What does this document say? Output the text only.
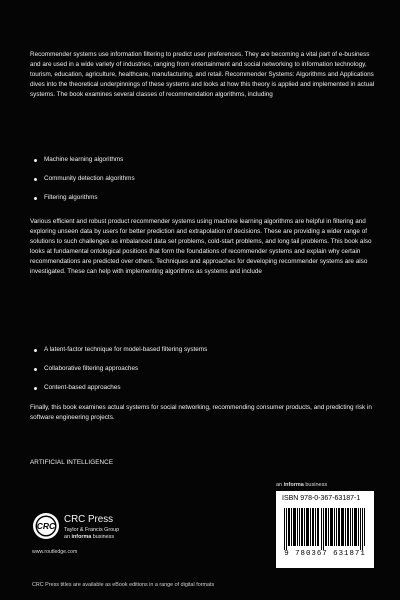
Recommender systems use information filtering to predict user preferences. They are becoming a vital part of e-business and are used in a wide variety of industries, ranging from entertainment and social networking to information technology, tourism, education, agriculture, healthcare, manufacturing, and retail. Recommender Systems: Algorithms and Applications dives into the theoretical underpinnings of these systems and looks at how this theory is applied and implemented in actual systems. The book examines several classes of recommendation algorithms, including

Machine learning algorithms
Community detection algorithms
Filtering algorithms

Various efficient and robust product recommender systems using machine learning algorithms are helpful in filtering and exploring unseen data by users for better prediction and extrapolation of decisions. These are providing a wider range of solutions to such challenges as imbalanced data set problems, cold-start problems, and long tail problems. This book also looks at fundamental ontological positions that form the foundations of recommender systems and explain why certain recommendations are predicted over others. Techniques and approaches for developing recommender systems are also investigated. These can help with implementing algorithms as systems and include

A latent-factor technique for model-based filtering systems
Collaborative filtering approaches
Content-based approaches

Finally, this book examines actual systems for social networking, recommending consumer products, and predicting risk in software engineering projects.

ARTIFICIAL INTELLIGENCE
an informa business
ISBN 978-0-367-63187-1
9 780367 631871
CRC
CRC Press
Taylor & Francis Group
an informa business
www.routledge.com
CRC Press titles are available as eBook editions in a range of digital formats
